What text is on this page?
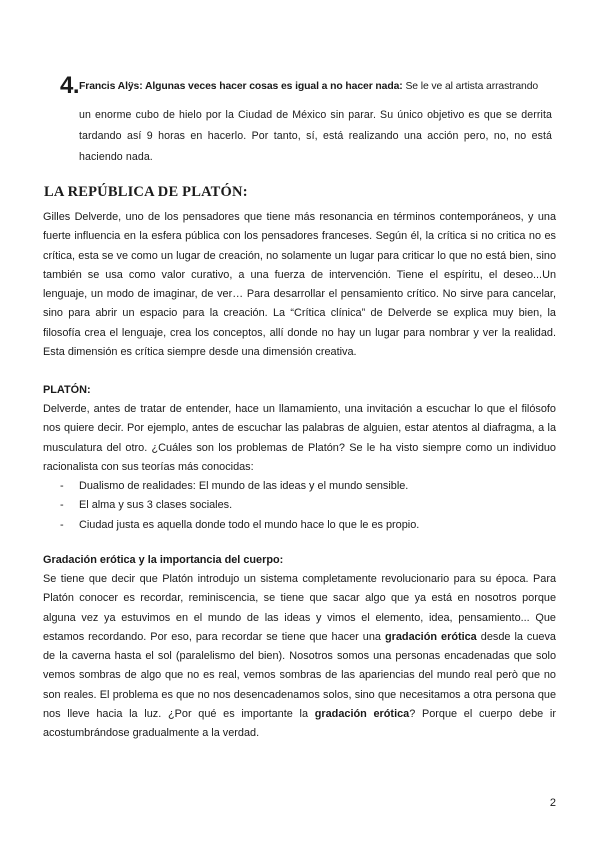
4. Francis Alÿs: Algunas veces hacer cosas es igual a no hacer nada: Se le ve al artista arrastrando
un enorme cubo de hielo por la Ciudad de México sin parar. Su único objetivo es que se derrita tardando así 9 horas en hacerlo. Por tanto, sí, está realizando una acción pero, no, no está haciendo nada.
LA REPÚBLICA DE PLATÓN:
Gilles Delverde, uno de los pensadores que tiene más resonancia en términos contemporáneos, y una fuerte influencia en la esfera pública con los pensadores franceses. Según él, la crítica si no critica no es crítica, esta se ve como un lugar de creación, no solamente un lugar para criticar lo que no está bien, sino también se usa como valor curativo, a una fuerza de intervención. Tiene el espíritu, el deseo...Un lenguaje, un modo de imaginar, de ver… Para desarrollar el pensamiento crítico. No sirve para cancelar, sino para abrir un espacio para la creación. La “Crítica clínica” de Delverde se explica muy bien, la filosofía crea el lenguaje, crea los conceptos, allí donde no hay un lugar para nombrar y ver la realidad. Esta dimensión es crítica siempre desde una dimensión creativa.
PLATÓN:
Delverde, antes de tratar de entender, hace un llamamiento, una invitación a escuchar lo que el filósofo nos quiere decir. Por ejemplo, antes de escuchar las palabras de alguien, estar atentos al diafragma, a la musculatura del otro. ¿Cuáles son los problemas de Platón? Se le ha visto siempre como un individuo racionalista con sus teorías más conocidas:
- Dualismo de realidades: El mundo de las ideas y el mundo sensible.
- El alma y sus 3 clases sociales.
- Ciudad justa es aquella donde todo el mundo hace lo que le es propio.
Gradación erótica y la importancia del cuerpo:
Se tiene que decir que Platón introdujo un sistema completamente revolucionario para su época. Para Platón conocer es recordar, reminiscencia, se tiene que sacar algo que ya está en nosotros porque alguna vez ya estuvimos en el mundo de las ideas y vimos el elemento, idea, pensamiento... Que estamos recordando. Por eso, para recordar se tiene que hacer una gradación erótica desde la cueva de la caverna hasta el sol (paralelismo del bien). Nosotros somos una personas encadenadas que solo vemos sombras de algo que no es real, vemos sombras de las apariencias del mundo real però que no son reales. El problema es que no nos desencadenamos solos, sino que necesitamos a otra persona que nos lleve hacia la luz. ¿Por qué es importante la gradación erótica? Porque el cuerpo debe ir acostumbrándose gradualmente a la verdad.
2
